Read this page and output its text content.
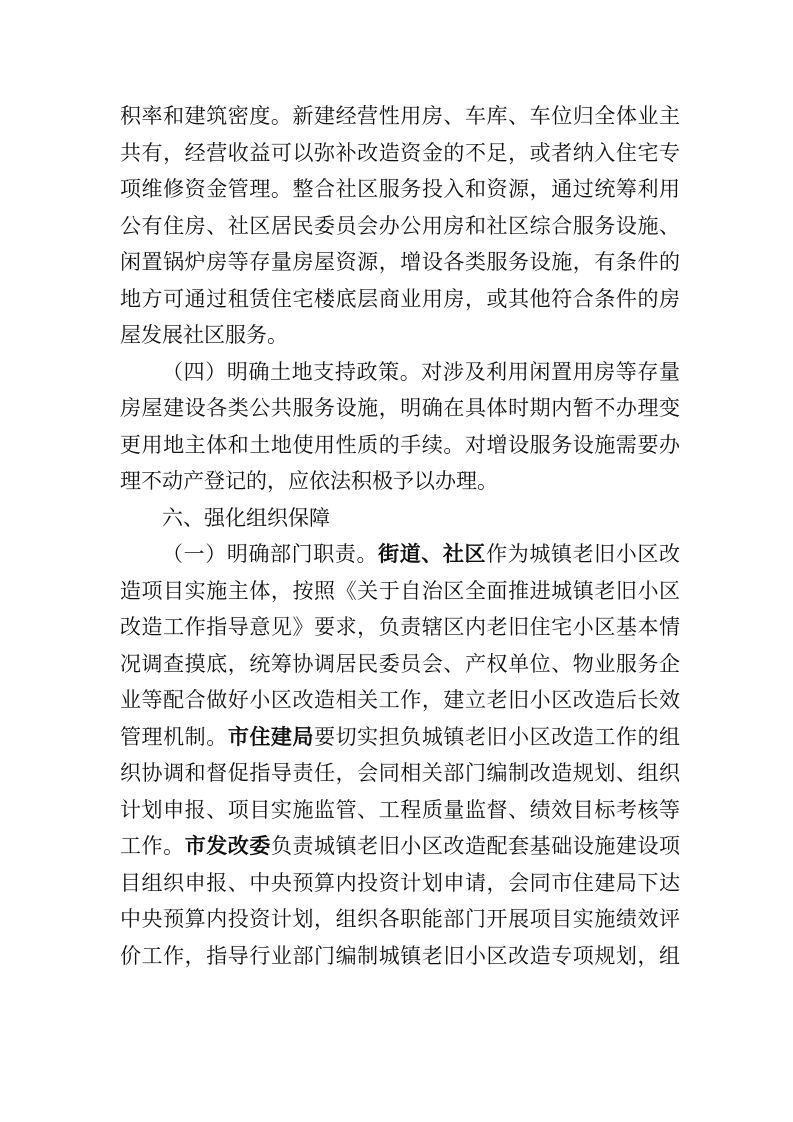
积率和建筑密度。新建经营性用房、车库、车位归全体业主
共有，经营收益可以弥补改造资金的不足，或者纳入住宅专
项维修资金管理。整合社区服务投入和资源，通过统筹利用
公有住房、社区居民委员会办公用房和社区综合服务设施、
闲置锅炉房等存量房屋资源，增设各类服务设施，有条件的
地方可通过租赁住宅楼底层商业用房，或其他符合条件的房
屋发展社区服务。
（四）明确土地支持政策。对涉及利用闲置用房等存量
房屋建设各类公共服务设施，明确在具体时期内暂不办理变
更用地主体和土地使用性质的手续。对增设服务设施需要办
理不动产登记的，应依法积极予以办理。
六、强化组织保障
（一）明确部门职责。街道、社区作为城镇老旧小区改
造项目实施主体，按照《关于自治区全面推进城镇老旧小区
改造工作指导意见》要求，负责辖区内老旧住宅小区基本情
况调查摸底，统筹协调居民委员会、产权单位、物业服务企
业等配合做好小区改造相关工作，建立老旧小区改造后长效
管理机制。市住建局要切实担负城镇老旧小区改造工作的组
织协调和督促指导责任，会同相关部门编制改造规划、组织
计划申报、项目实施监管、工程质量监督、绩效目标考核等
工作。市发改委负责城镇老旧小区改造配套基础设施建设项
目组织申报、中央预算内投资计划申请，会同市住建局下达
中央预算内投资计划，组织各职能部门开展项目实施绩效评
价工作，指导行业部门编制城镇老旧小区改造专项规划，组
